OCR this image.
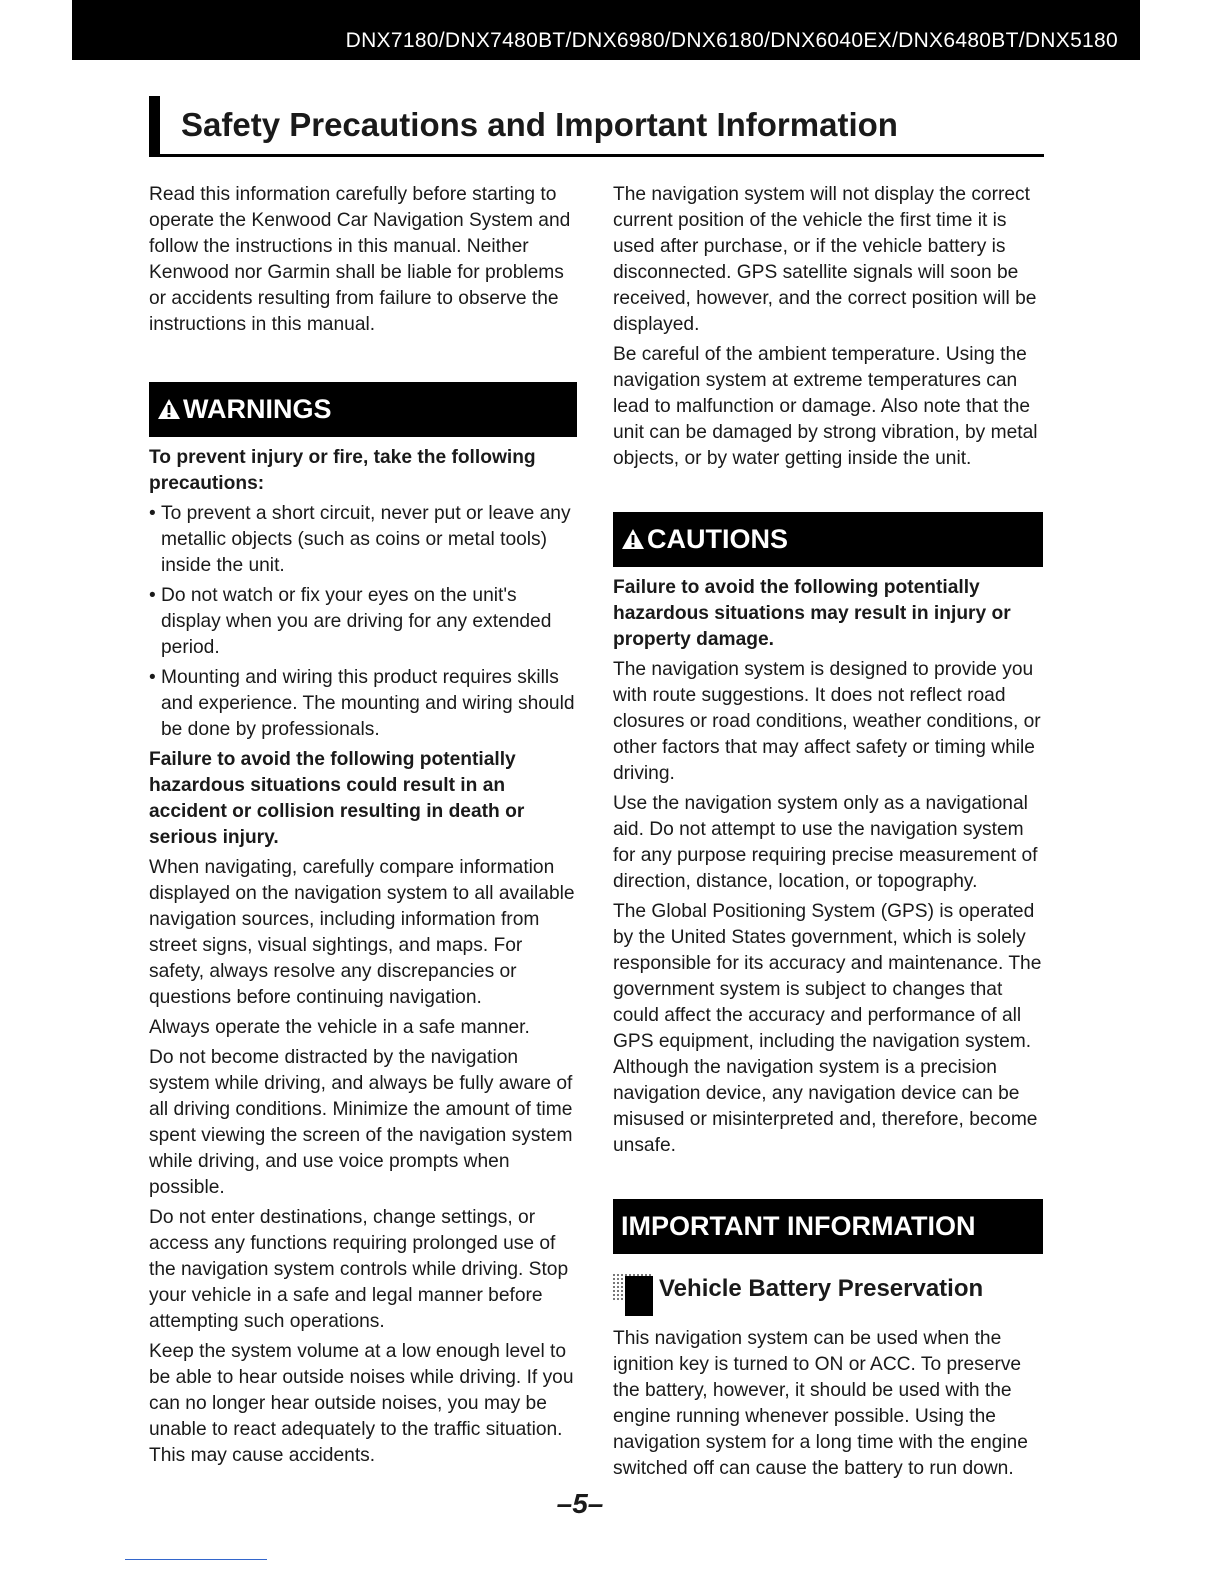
DNX7180/DNX7480BT/DNX6980/DNX6180/DNX6040EX/DNX6480BT/DNX5180
Safety Precautions and Important Information

Read this information carefully before starting to operate the Kenwood Car Navigation System and follow the instructions in this manual. Neither Kenwood nor Garmin shall be liable for problems or accidents resulting from failure to observe the instructions in this manual.

WARNINGS

To prevent injury or fire, take the following precautions:

• To prevent a short circuit, never put or leave any metallic objects (such as coins or metal tools) inside the unit.
• Do not watch or fix your eyes on the unit's display when you are driving for any extended period.
• Mounting and wiring this product requires skills and experience. The mounting and wiring should be done by professionals.

Failure to avoid the following potentially hazardous situations could result in an accident or collision resulting in death or serious injury.

When navigating, carefully compare information displayed on the navigation system to all available navigation sources, including information from street signs, visual sightings, and maps. For safety, always resolve any discrepancies or questions before continuing navigation.

Always operate the vehicle in a safe manner.

Do not become distracted by the navigation system while driving, and always be fully aware of all driving conditions. Minimize the amount of time spent viewing the screen of the navigation system while driving, and use voice prompts when possible.

Do not enter destinations, change settings, or access any functions requiring prolonged use of the navigation system controls while driving. Stop your vehicle in a safe and legal manner before attempting such operations.

Keep the system volume at a low enough level to be able to hear outside noises while driving. If you can no longer hear outside noises, you may be unable to react adequately to the traffic situation. This may cause accidents.

The navigation system will not display the correct current position of the vehicle the first time it is used after purchase, or if the vehicle battery is disconnected. GPS satellite signals will soon be received, however, and the correct position will be displayed.

Be careful of the ambient temperature. Using the navigation system at extreme temperatures can lead to malfunction or damage. Also note that the unit can be damaged by strong vibration, by metal objects, or by water getting inside the unit.

CAUTIONS

Failure to avoid the following potentially hazardous situations may result in injury or property damage.

The navigation system is designed to provide you with route suggestions. It does not reflect road closures or road conditions, weather conditions, or other factors that may affect safety or timing while driving.

Use the navigation system only as a navigational aid. Do not attempt to use the navigation system for any purpose requiring precise measurement of direction, distance, location, or topography.

The Global Positioning System (GPS) is operated by the United States government, which is solely responsible for its accuracy and maintenance. The government system is subject to changes that could affect the accuracy and performance of all GPS equipment, including the navigation system. Although the navigation system is a precision navigation device, any navigation device can be misused or misinterpreted and, therefore, become unsafe.

IMPORTANT INFORMATION
Vehicle Battery Preservation

This navigation system can be used when the ignition key is turned to ON or ACC. To preserve the battery, however, it should be used with the engine running whenever possible. Using the navigation system for a long time with the engine switched off can cause the battery to run down.

–5–
